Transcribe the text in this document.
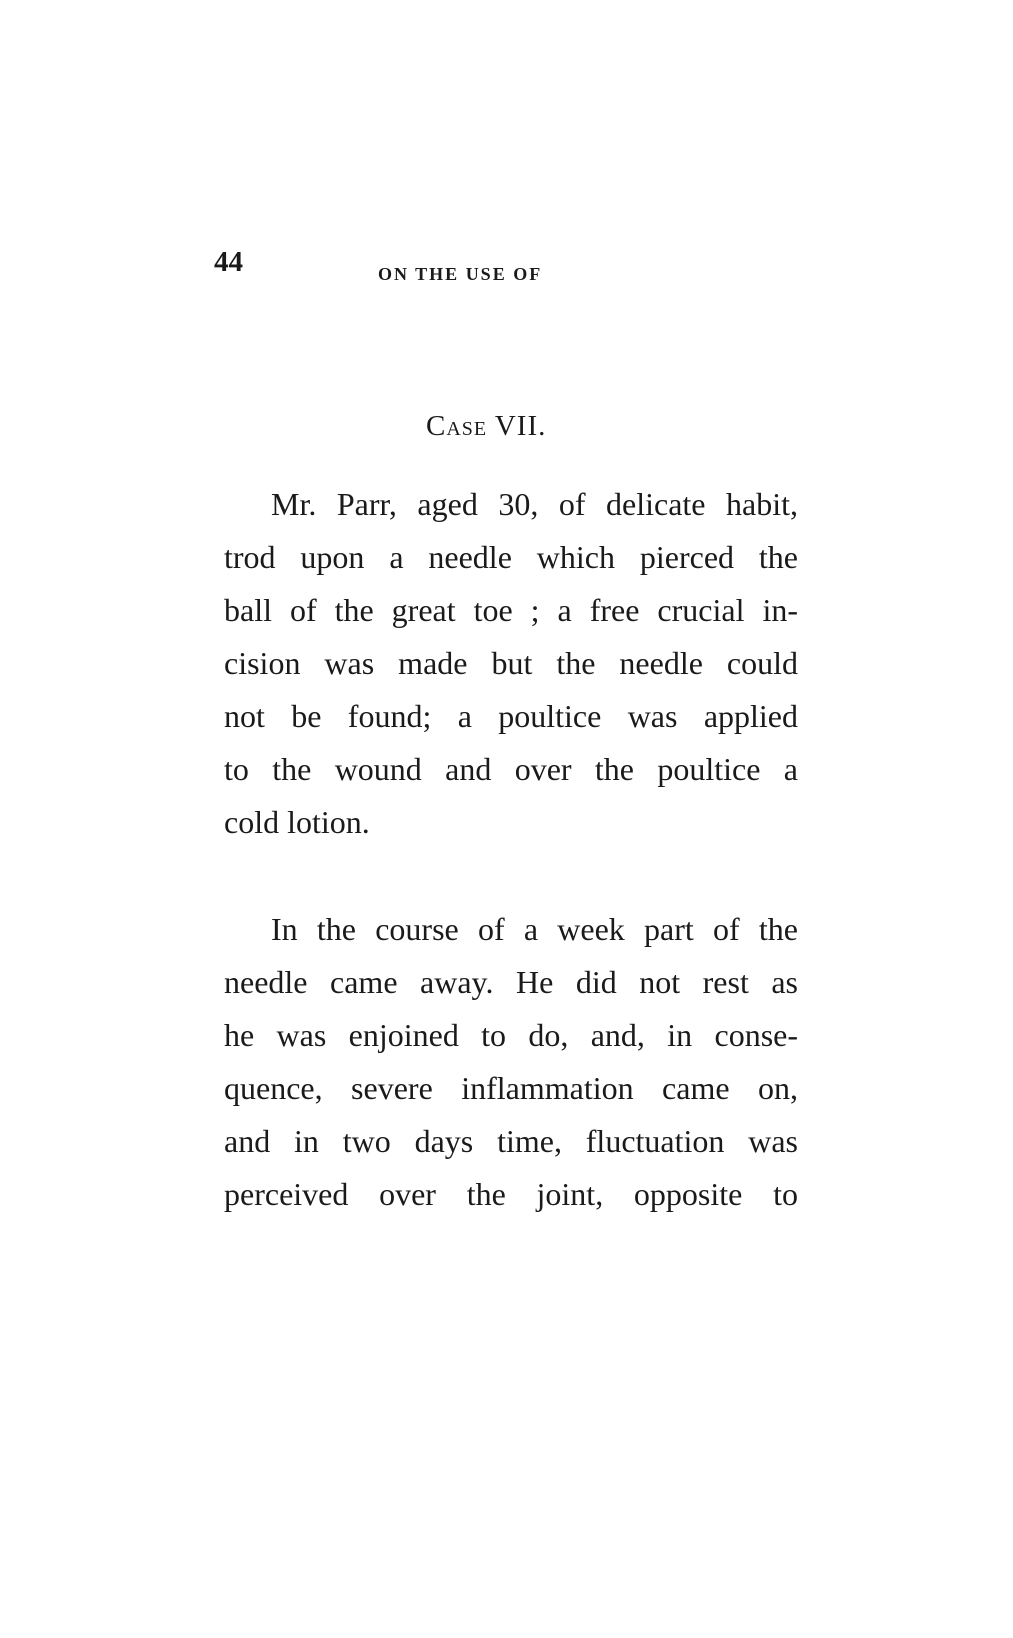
44	ON THE USE OF
Case VII.
Mr. Parr, aged 30, of delicate habit,
trod upon a needle which pierced the
ball of the great toe ; a free crucial in-
cision was made but the needle could
not be found; a poultice was applied
to the wound and over the poultice a
cold lotion.
In the course of a week part of the
needle came away. He did not rest as
he was enjoined to do, and, in conse-
quence, severe inflammation came on,
and in two days time, fluctuation was
perceived over the joint, opposite to
